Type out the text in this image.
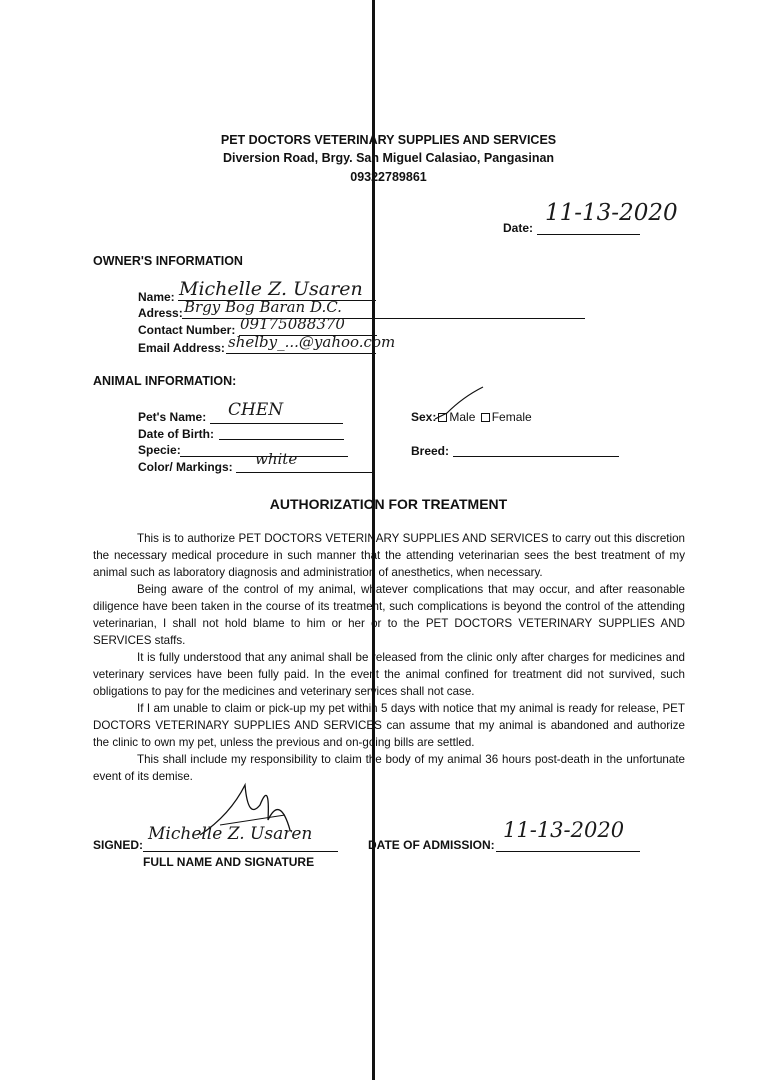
PET DOCTORS VETERINARY SUPPLIES AND SERVICES
Diversion Road, Brgy. San Miguel Calasiao, Pangasinan
09322789861
Date:
11-13-2020
OWNER'S INFORMATION
Name: Michelle Z. Usaren
Adress: Brgy Bog Baran D.C.
Contact Number: 09175088370
Email Address: shelby_...@yahoo.com
ANIMAL INFORMATION:
Pet's Name: CHEN
Date of Birth:
Specie:
Color/ Markings: white
Sex: Male Female
Breed:
AUTHORIZATION FOR TREATMENT
This is to authorize PET DOCTORS VETERINARY SUPPLIES AND SERVICES to carry out this discretion the necessary medical procedure in such manner that the attending veterinarian sees the best treatment of my animal such as laboratory diagnosis and administration of anesthetics, when necessary.
Being aware of the control of my animal, whatever complications that may occur, and after reasonable diligence have been taken in the course of its treatment, such complications is beyond the control of the attending veterinarian, I shall not hold blame to him or her or to the PET DOCTORS VETERINARY SUPPLIES AND SERVICES staffs.
It is fully understood that any animal shall be released from the clinic only after charges for medicines and veterinary services have been fully paid. In the event the animal confined for treatment did not survived, such obligations to pay for the medicines and veterinary services shall not case.
If I am unable to claim or pick-up my pet within 5 days with notice that my animal is ready for release, PET DOCTORS VETERINARY SUPPLIES AND SERVICES can assume that my animal is abandoned and authorize the clinic to own my pet, unless the previous and on-going bills are settled.
This shall include my responsibility to claim the body of my animal 36 hours post-death in the unfortunate event of its demise.
SIGNED:
Michelle Z. Usaren
FULL NAME AND SIGNATURE
DATE OF ADMISSION:
11-13-2020
